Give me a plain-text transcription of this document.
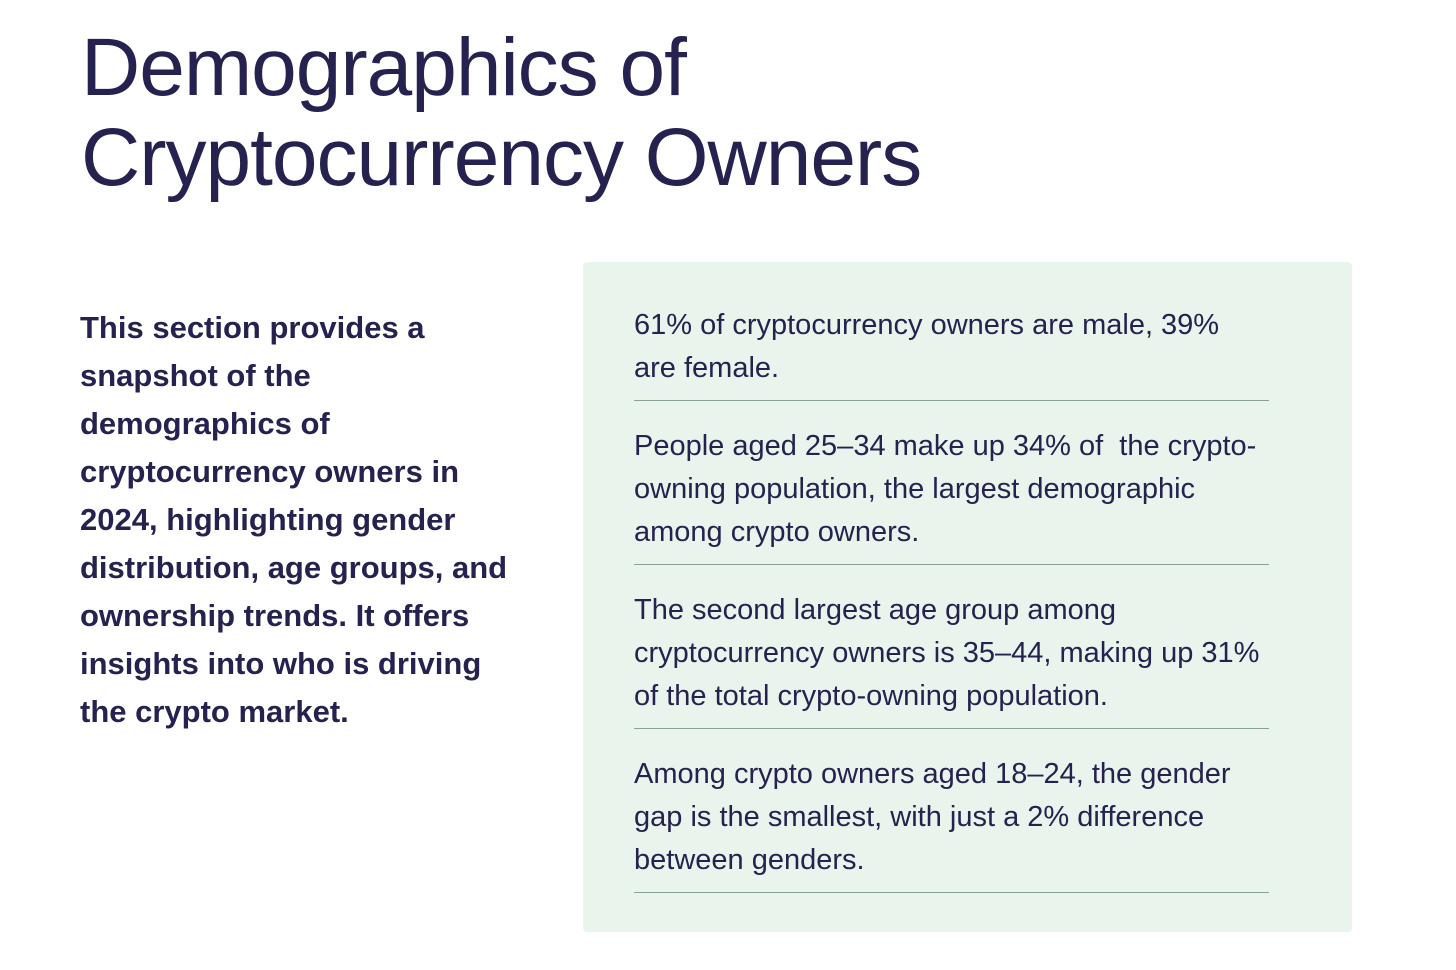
Demographics of
Cryptocurrency Owners

This section provides a snapshot of the demographics of cryptocurrency owners in 2024, highlighting gender distribution, age groups, and ownership trends. It offers insights into who is driving the crypto market.

61% of cryptocurrency owners are male, 39% are female.

People aged 25–34 make up 34% of  the crypto-owning population, the largest demographic among crypto owners.

The second largest age group among cryptocurrency owners is 35–44, making up 31% of the total crypto-owning population.

Among crypto owners aged 18–24, the gender gap is the smallest, with just a 2% difference between genders.
